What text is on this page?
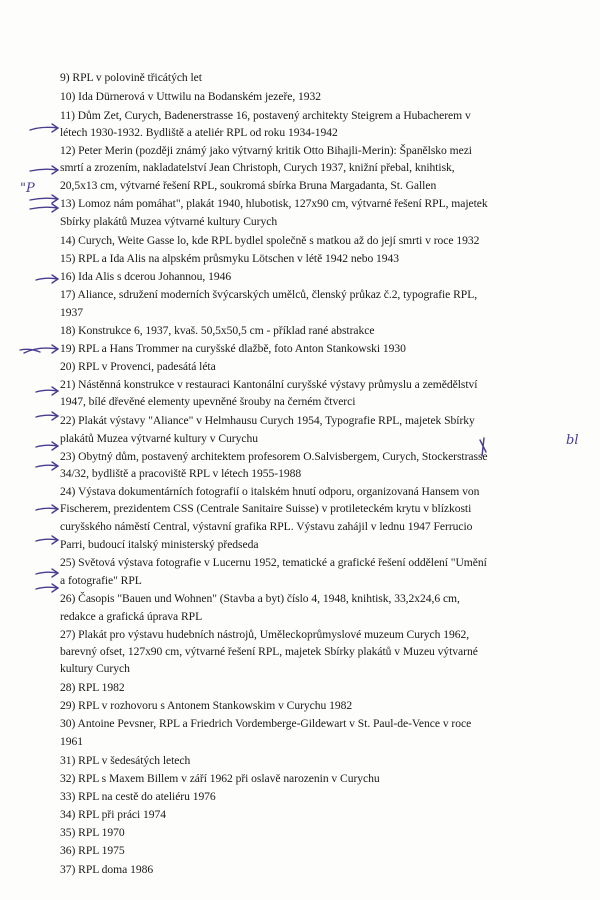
9) RPL v polovině třicátých let
10) Ida Dürnerová v Uttwilu na Bodanském jezeře, 1932
11) Dům Zet, Curych, Badenerstrasse 16, postavený architekty Steigrem a Hubacherem v
létech 1930-1932. Bydliště a ateliér RPL od roku 1934-1942
12) Peter Merin (později známý jako výtvarný kritik Otto Bihajli-Merin): Španělsko mezi
smrtí a zrozením, nakladatelství Jean Christoph, Curych 1937, knižní přebal, knihtisk,
20,5x13 cm, výtvarné řešení RPL, soukromá sbírka Bruna Margadanta, St. Gallen
13) Lomoz nám pomáhat", plakát 1940, hlubotisk, 127x90 cm, výtvarné řešení RPL, majetek
Sbírky plakátů Muzea výtvarné kultury Curych
14) Curych, Weite Gasse lo, kde RPL bydlel společně s matkou až do její smrti v roce 1932
15) RPL a Ida Alis na alpském průsmyku Lötschen v létě 1942 nebo 1943
16) Ida Alis s dcerou Johannou, 1946
17) Aliance, sdružení moderních švýcarských umělců, členský průkaz č.2, typografie RPL,
1937
18) Konstrukce 6, 1937, kvaš. 50,5x50,5 cm - příklad rané abstrakce
19) RPL a Hans Trommer na curyšské dlažbě, foto Anton Stankowski 1930
20) RPL v Provenci, padesátá léta
21) Nástěnná konstrukce v restauraci Kantonální curyšské výstavy průmyslu a zemědělství
1947, bílé dřevěné elementy upevněné šrouby na černém čtverci
22) Plakát výstavy "Aliance" v Helmhausu Curych 1954, Typografie RPL, majetek Sbírky
plakátů Muzea výtvarné kultury v Curychu
23) Obytný dům, postavený architektem profesorem O.Salvisbergem, Curych, Stockerstrasse
34/32, bydliště a pracoviště RPL v létech 1955-1988
24) Výstava dokumentárních fotografií o italském hnutí odporu, organizovaná Hansem von
Fischerem, prezidentem CSS (Centrale Sanitaire Suisse) v protileteckém krytu v blízkosti
curyšského náměstí Central, výstavní grafika RPL. Výstavu zahájil v lednu 1947 Ferrucio
Parri, budoucí italský ministerský předseda
25) Světová výstava fotografie v Lucernu 1952, tematické a grafické řešení oddělení "Umění
a fotografie" RPL
26) Časopis "Bauen und Wohnen" (Stavba a byt) číslo 4, 1948, knihtisk, 33,2x24,6 cm,
redakce a grafická úprava RPL
27) Plakát pro výstavu hudebních nástrojů, Uměleckoprůmyslové muzeum Curych 1962,
barevný ofset, 127x90 cm, výtvarné řešení RPL, majetek Sbírky plakátů v Muzeu výtvarné
kultury Curych
28) RPL 1982
29) RPL v rozhovoru s Antonem Stankowskim v Curychu 1982
30) Antoine Pevsner, RPL a Friedrich Vordemberge-Gildewart v St. Paul-de-Vence v roce
1961
31) RPL v šedesátých letech
32) RPL s Maxem Billem v září 1962 při oslavě narozenin v Curychu
33) RPL na cestě do ateliéru 1976
34) RPL při práci 1974
35) RPL 1970
36) RPL 1975
37) RPL doma 1986
"P
bl
